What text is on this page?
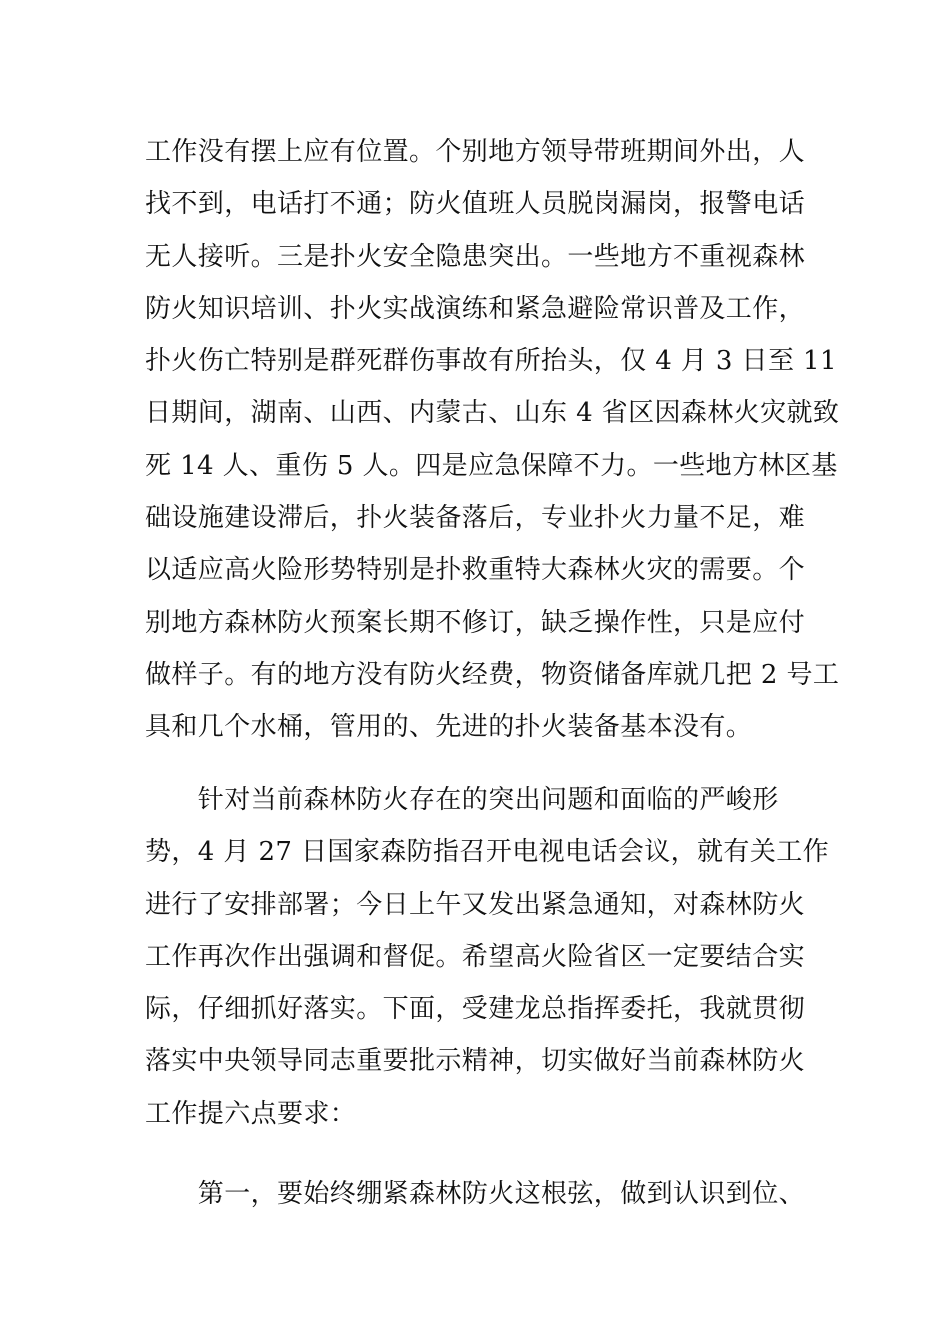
工作没有摆上应有位置。个别地方领导带班期间外出，人
找不到，电话打不通；防火值班人员脱岗漏岗，报警电话
无人接听。三是扑火安全隐患突出。一些地方不重视森林
防火知识培训、扑火实战演练和紧急避险常识普及工作，
扑火伤亡特别是群死群伤事故有所抬头，仅 4 月 3 日至 11
日期间，湖南、山西、内蒙古、山东 4 省区因森林火灾就致
死 14 人、重伤 5 人。四是应急保障不力。一些地方林区基
础设施建设滞后，扑火装备落后，专业扑火力量不足，难
以适应高火险形势特别是扑救重特大森林火灾的需要。个
别地方森林防火预案长期不修订，缺乏操作性，只是应付
做样子。有的地方没有防火经费，物资储备库就几把 2 号工
具和几个水桶，管用的、先进的扑火装备基本没有。
　　针对当前森林防火存在的突出问题和面临的严峻形
势，4 月 27 日国家森防指召开电视电话会议，就有关工作
进行了安排部署；今日上午又发出紧急通知，对森林防火
工作再次作出强调和督促。希望高火险省区一定要结合实
际，仔细抓好落实。下面，受建龙总指挥委托，我就贯彻
落实中央领导同志重要批示精神，切实做好当前森林防火
工作提六点要求：
　　第一，要始终绷紧森林防火这根弦，做到认识到位、
